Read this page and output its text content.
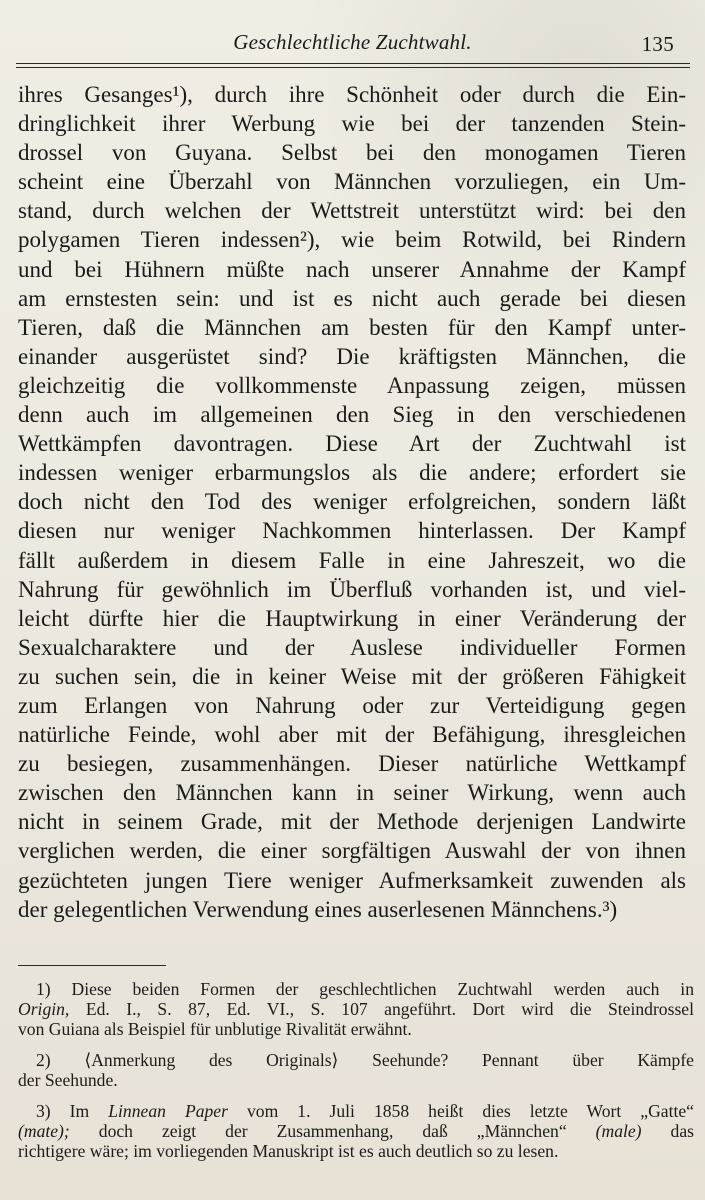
Geschlechtliche Zuchtwahl.	135
ihres Gesanges¹), durch ihre Schönheit oder durch die Ein-
dringlichkeit ihrer Werbung wie bei der tanzenden Stein-
drossel von Guyana. Selbst bei den monogamen Tieren
scheint eine Überzahl von Männchen vorzuliegen, ein Um-
stand, durch welchen der Wettstreit unterstützt wird: bei den
polygamen Tieren indessen²), wie beim Rotwild, bei Rindern
und bei Hühnern müßte nach unserer Annahme der Kampf
am ernstesten sein: und ist es nicht auch gerade bei diesen
Tieren, daß die Männchen am besten für den Kampf unter-
einander ausgerüstet sind? Die kräftigsten Männchen, die
gleichzeitig die vollkommenste Anpassung zeigen, müssen
denn auch im allgemeinen den Sieg in den verschiedenen
Wettkämpfen davontragen. Diese Art der Zuchtwahl ist
indessen weniger erbarmungslos als die andere; erfordert sie
doch nicht den Tod des weniger erfolgreichen, sondern läßt
diesen nur weniger Nachkommen hinterlassen. Der Kampf
fällt außerdem in diesem Falle in eine Jahreszeit, wo die
Nahrung für gewöhnlich im Überfluß vorhanden ist, und viel-
leicht dürfte hier die Hauptwirkung in einer Veränderung der
Sexualcharaktere und der Auslese individueller Formen
zu suchen sein, die in keiner Weise mit der größeren Fähigkeit
zum Erlangen von Nahrung oder zur Verteidigung gegen
natürliche Feinde, wohl aber mit der Befähigung, ihresgleichen
zu besiegen, zusammenhängen. Dieser natürliche Wettkampf
zwischen den Männchen kann in seiner Wirkung, wenn auch
nicht in seinem Grade, mit der Methode derjenigen Landwirte
verglichen werden, die einer sorgfältigen Auswahl der von ihnen
gezüchteten jungen Tiere weniger Aufmerksamkeit zuwenden als
der gelegentlichen Verwendung eines auserlesenen Männchens.³)
1) Diese beiden Formen der geschlechtlichen Zuchtwahl werden auch in
Origin, Ed. I., S. 87, Ed. VI., S. 107 angeführt. Dort wird die Steindrossel
von Guiana als Beispiel für unblutige Rivalität erwähnt.
2) ⟨Anmerkung des Originals⟩ Seehunde? Pennant über Kämpfe
der Seehunde.
3) Im Linnean Paper vom 1. Juli 1858 heißt dies letzte Wort „Gatte“
(mate); doch zeigt der Zusammenhang, daß „Männchen“ (male) das
richtigere wäre; im vorliegenden Manuskript ist es auch deutlich so zu lesen.
